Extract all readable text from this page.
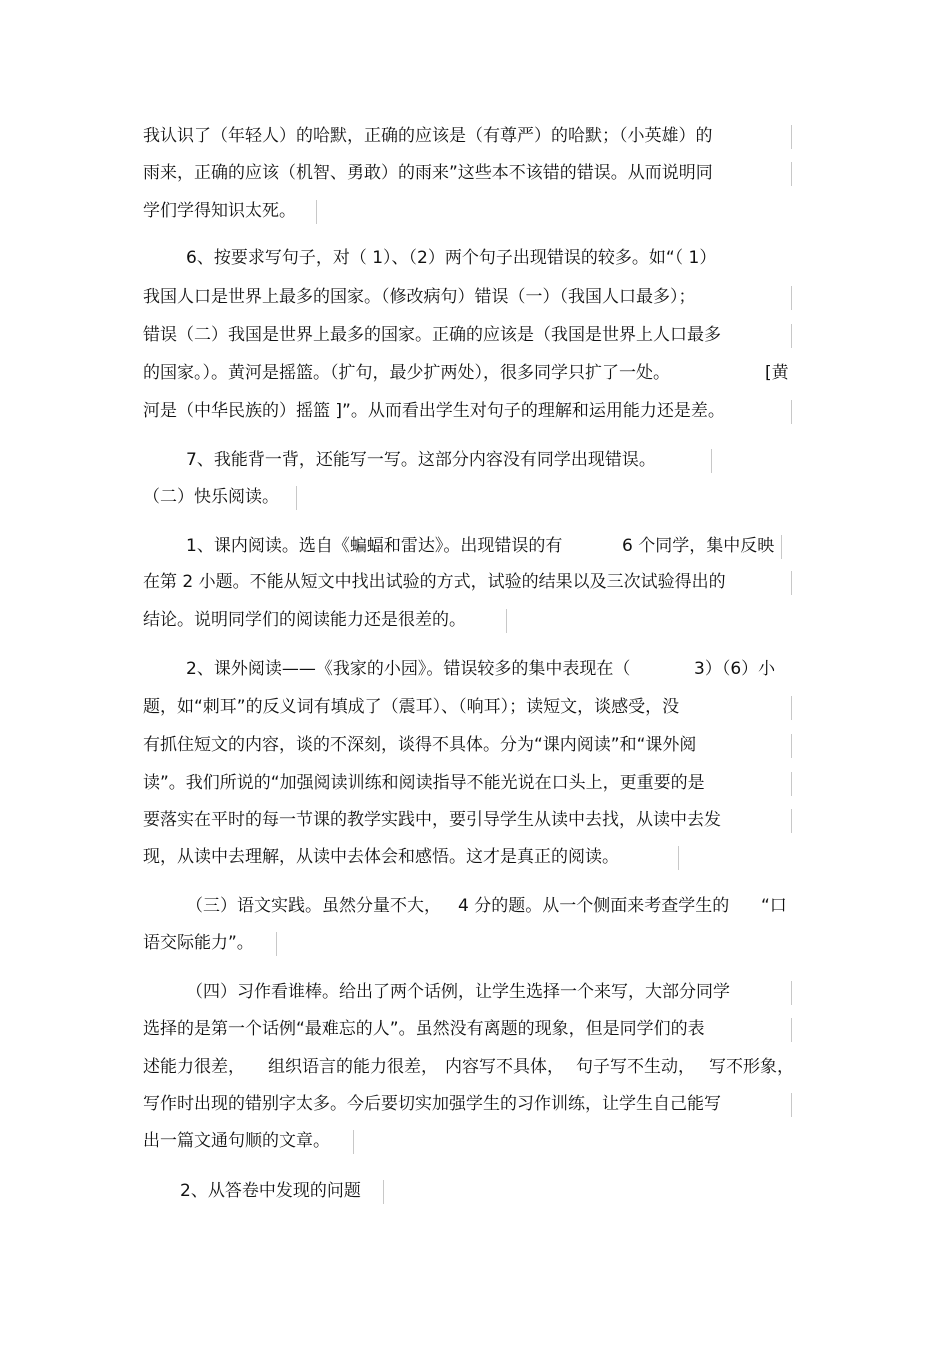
我认识了（年轻人）的哈默，正确的应该是（有尊严）的哈默；（小英雄）的
雨来，正确的应该（机智、勇敢）的雨来”这些本不该错的错误。从而说明同
学们学得知识太死。
6、按要求写句子，对（ 1）、（2）两个句子出现错误的较多。如“（ 1）
我国人口是世界上最多的国家。（修改病句）错误（一）（我国人口最多）；
错误（二）我国是世界上最多的国家。正确的应该是（我国是世界上人口最多
的国家。）。黄河是摇篮。（扩句，最少扩两处），很多同学只扩了一处。	[黄
河是（中华民族的）摇篮 ]”。从而看出学生对句子的理解和运用能力还是差。
7、我能背一背，还能写一写。这部分内容没有同学出现错误。
（二）快乐阅读。
1、课内阅读。选自《蝙蝠和雷达》。出现错误的有	6 个同学，集中反映
在第 2 小题。不能从短文中找出试验的方式，试验的结果以及三次试验得出的
结论。说明同学们的阅读能力还是很差的。
2、课外阅读——《我家的小园》。错误较多的集中表现在（	3）（6）小
题，如“刺耳”的反义词有填成了（震耳）、（响耳）；读短文，谈感受，没
有抓住短文的内容，谈的不深刻，谈得不具体。分为“课内阅读”和“课外阅
读”。我们所说的“加强阅读训练和阅读指导不能光说在口头上，更重要的是
要落实在平时的每一节课的教学实践中，要引导学生从读中去找，从读中去发
现，从读中去理解，从读中去体会和感悟。这才是真正的阅读。
（三）语文实践。虽然分量不大， 4 分的题。从一个侧面来考查学生的 “口
语交际能力”。
（四）习作看谁棒。给出了两个话例，让学生选择一个来写，大部分同学
选择的是第一个话例“最难忘的人”。虽然没有离题的现象，但是同学们的表
述能力很差， 组织语言的能力很差， 内容写不具体， 句子写不生动， 写不形象，
写作时出现的错别字太多。今后要切实加强学生的习作训练，让学生自己能写
出一篇文通句顺的文章。
2、从答卷中发现的问题
